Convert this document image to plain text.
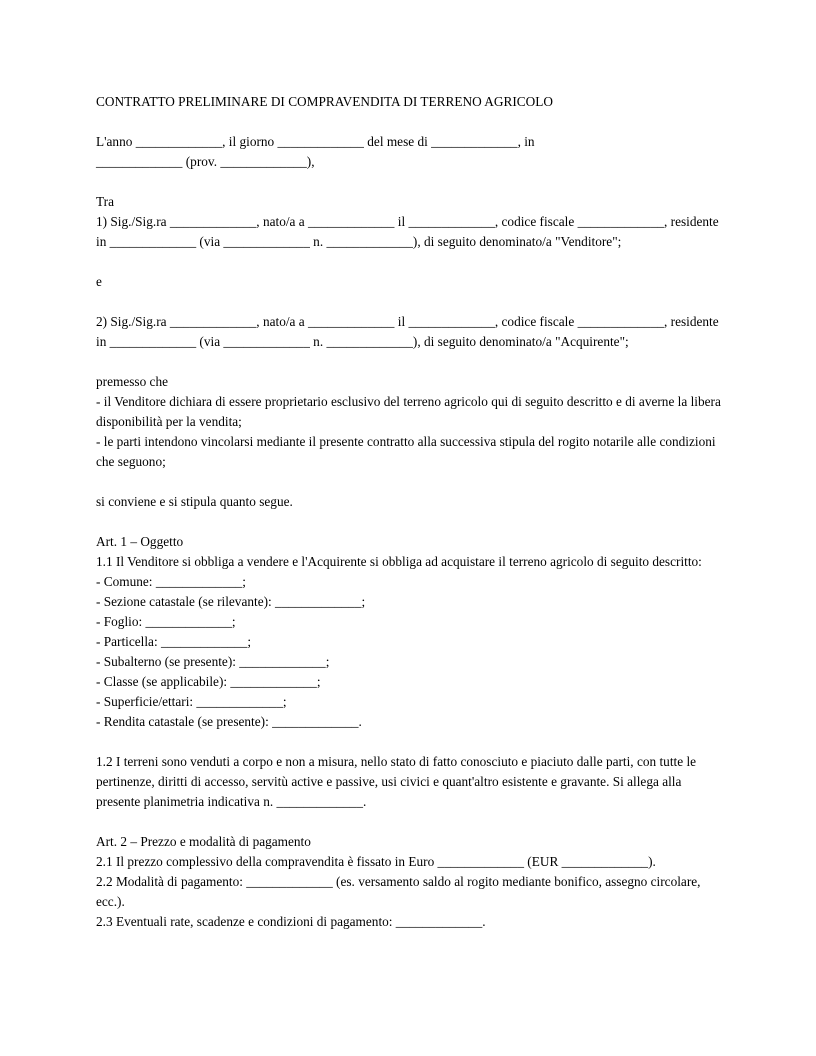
CONTRATTO PRELIMINARE DI COMPRAVENDITA DI TERRENO AGRICOLO

L'anno _____________, il giorno _____________ del mese di _____________, in

_____________ (prov. _____________),

Tra

1) Sig./Sig.ra _____________, nato/a a _____________ il _____________, codice fiscale _____________, residente in _____________ (via _____________ n. _____________), di seguito denominato/a "Venditore";

e

2) Sig./Sig.ra _____________, nato/a a _____________ il _____________, codice fiscale _____________, residente in _____________ (via _____________ n. _____________), di seguito denominato/a "Acquirente";

premesso che

- il Venditore dichiara di essere proprietario esclusivo del terreno agricolo qui di seguito descritto e di averne la libera disponibilità per la vendita;

- le parti intendono vincolarsi mediante il presente contratto alla successiva stipula del rogito notarile alle condizioni che seguono;

si conviene e si stipula quanto segue.

Art. 1 – Oggetto

1.1 Il Venditore si obbliga a vendere e l'Acquirente si obbliga ad acquistare il terreno agricolo di seguito descritto:

- Comune: _____________;

- Sezione catastale (se rilevante): _____________;

- Foglio: _____________;

- Particella: _____________;

- Subalterno (se presente): _____________;

- Classe (se applicabile): _____________;

- Superficie/ettari: _____________;

- Rendita catastale (se presente): _____________.

1.2 I terreni sono venduti a corpo e non a misura, nello stato di fatto conosciuto e piaciuto dalle parti, con tutte le pertinenze, diritti di accesso, servitù active e passive, usi civici e quant'altro esistente e gravante. Si allega alla presente planimetria indicativa n. _____________.

Art. 2 – Prezzo e modalità di pagamento

2.1 Il prezzo complessivo della compravendita è fissato in Euro _____________ (EUR _____________).

2.2 Modalità di pagamento: _____________ (es. versamento saldo al rogito mediante bonifico, assegno circolare, ecc.).

2.3 Eventuali rate, scadenze e condizioni di pagamento: _____________.
